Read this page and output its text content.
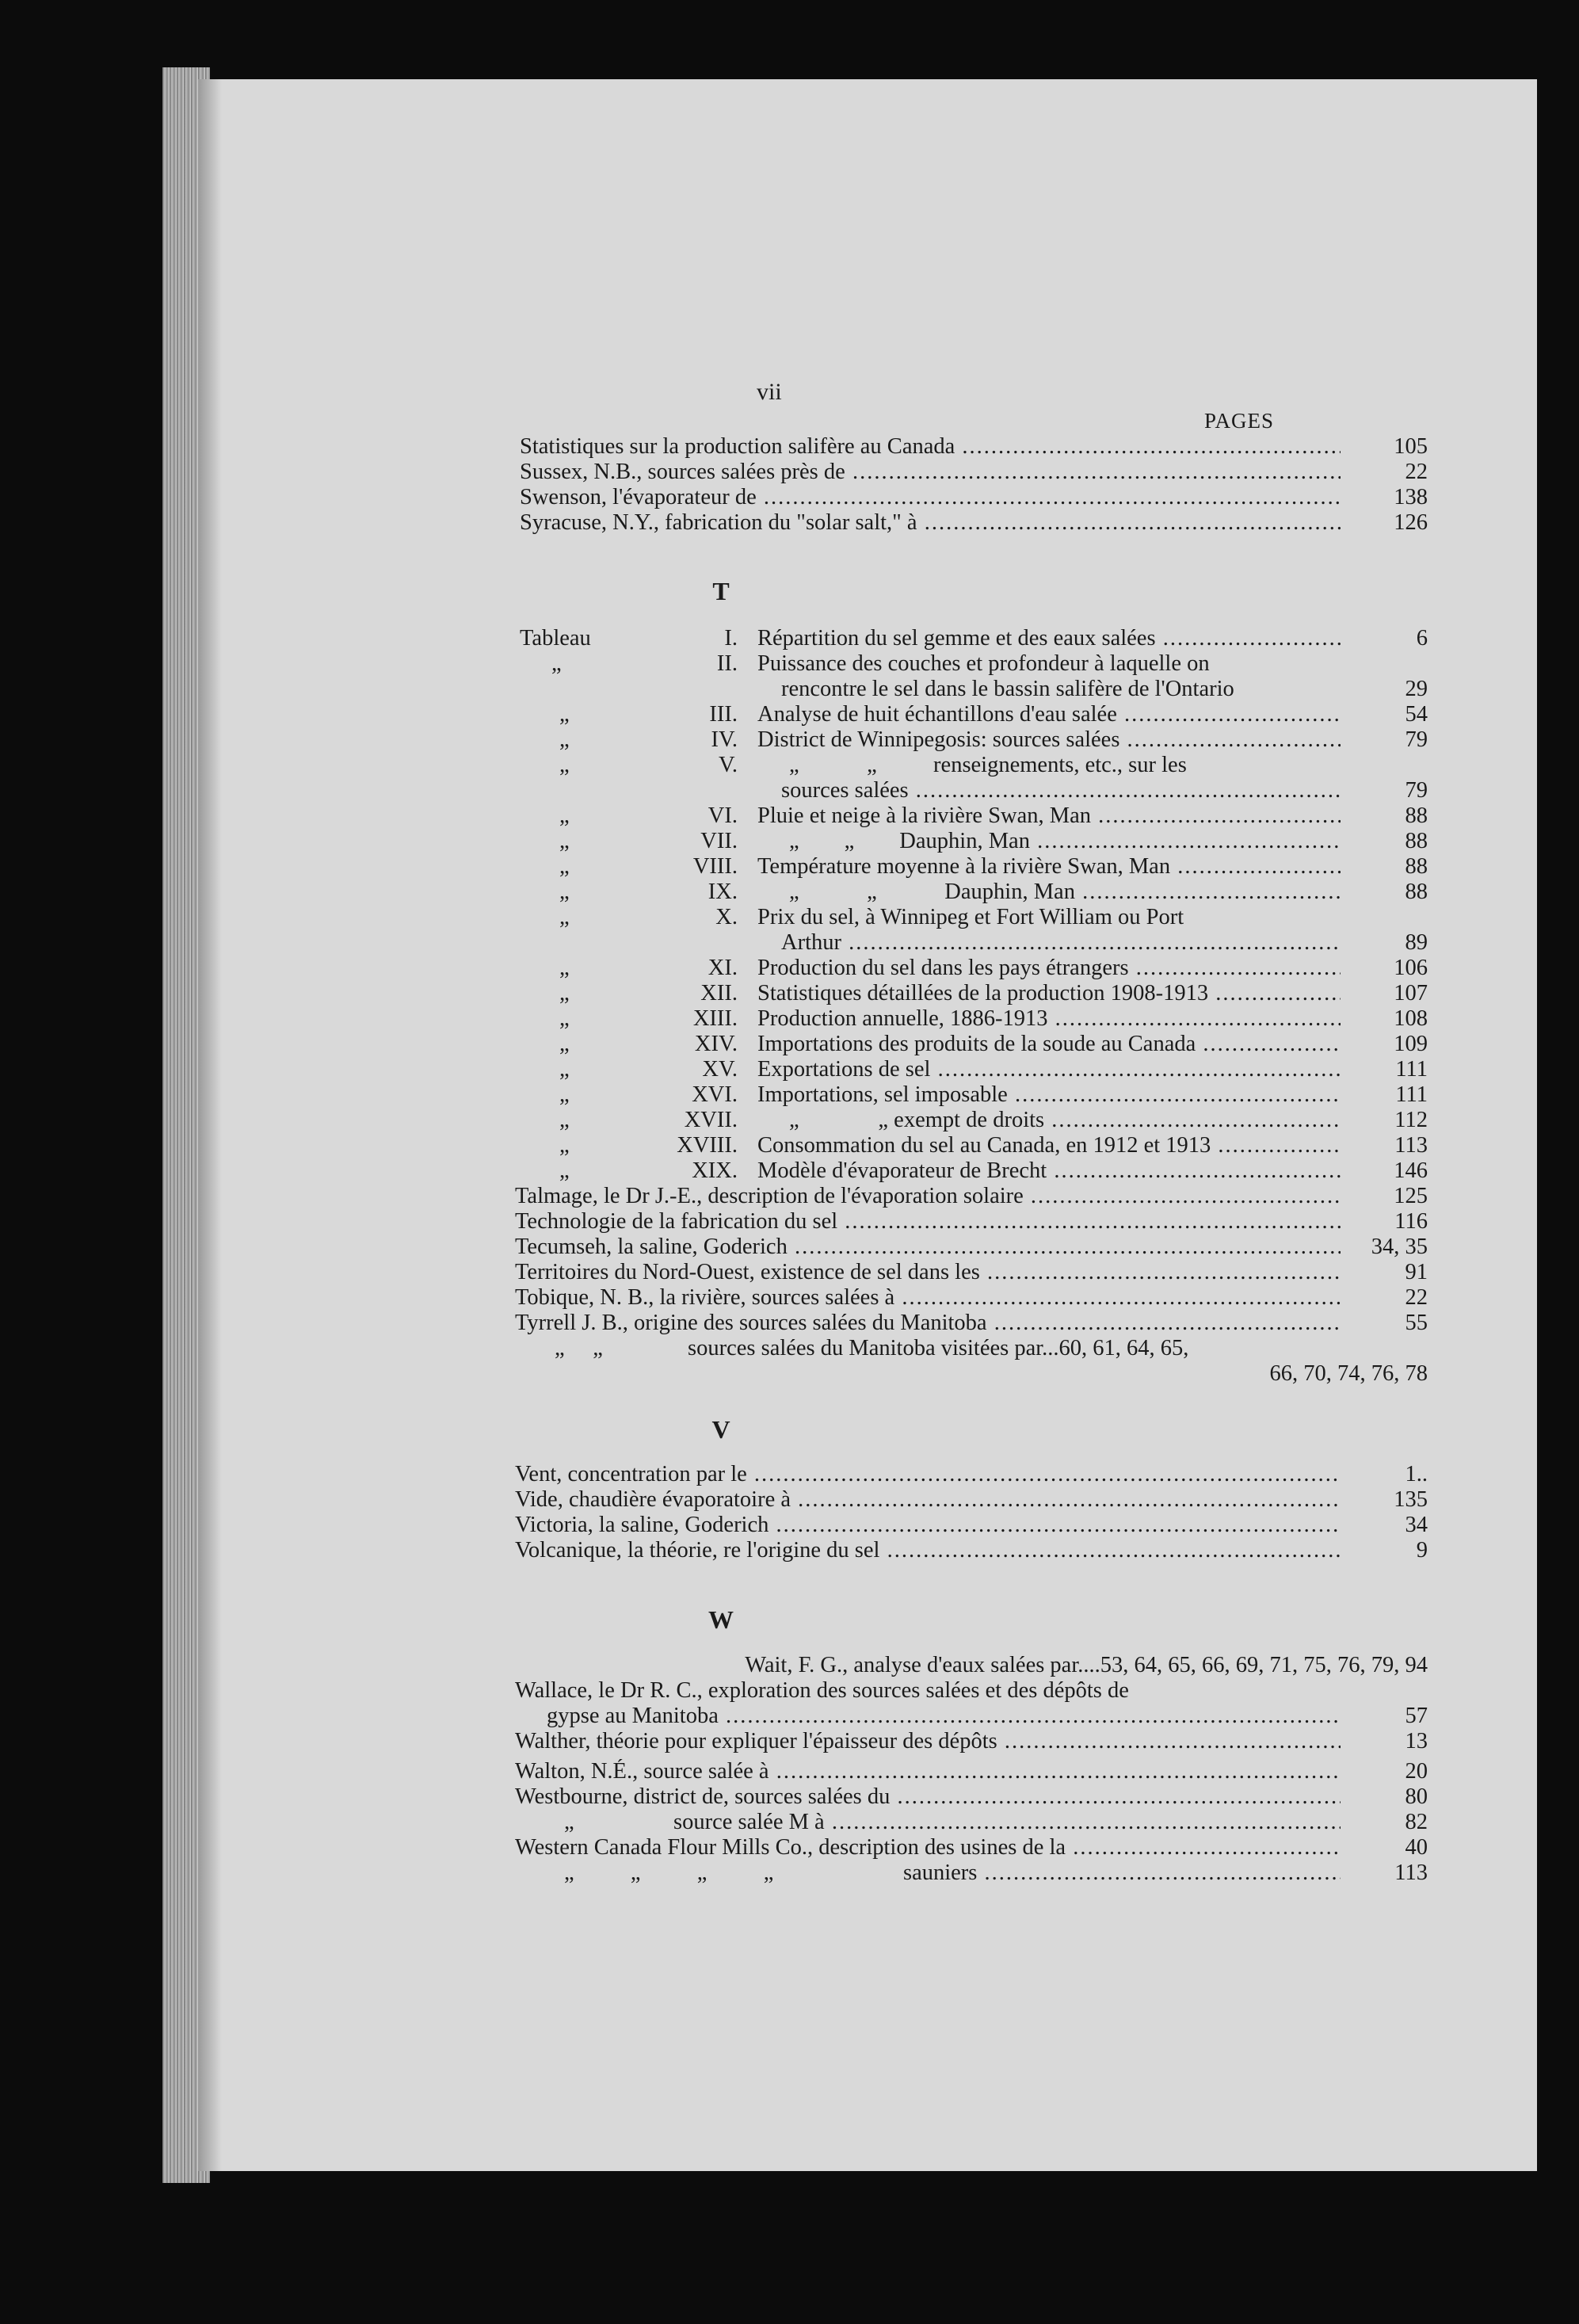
vii
PAGES
Statistiques sur la production salifère au Canada .....	105
Sussex, N.B., sources salées près de .....	22
Swenson, l'évaporateur de .....	138
Syracuse, N.Y., fabrication du "solar salt," à .....	126
T
Tableau	I. Répartition du sel gemme et des eaux salées .....	6
„	II. Puissance des couches et profondeur à laquelle on
rencontre le sel dans le bassin salifère de l'Ontario	29
„	III. Analyse de huit échantillons d'eau salée .....	54
„	IV. District de Winnipegosis: sources salées .....	79
„	V. „            „          renseignements, etc., sur les
sources salées .....	79
„	VI. Pluie et neige à la rivière Swan, Man .....	88
„	VII. „        „        Dauphin, Man .....	88
„	VIII. Température moyenne à la rivière Swan, Man .....	88
„	IX. „            „            Dauphin, Man .....	88
„	X. Prix du sel, à Winnipeg et Fort William ou Port
Arthur .....	89
„	XI. Production du sel dans les pays étrangers .....	106
„	XII. Statistiques détaillées de la production 1908-1913 .....	107
„	XIII. Production annuelle, 1886-1913 .....	108
„	XIV. Importations des produits de la soude au Canada .....	109
„	XV. Exportations de sel .....	111
„	XVI. Importations, sel imposable .....	111
„	XVII. „              „ exempt de droits .....	112
„	XVIII. Consommation du sel au Canada, en 1912 et 1913 .....	113
„	XIX. Modèle d'évaporateur de Brecht .....	146
Talmage, le Dr J.-E., description de l'évaporation solaire .....	125
Technologie de la fabrication du sel .....	116
Tecumseh, la saline, Goderich .....	34, 35
Territoires du Nord-Ouest, existence de sel dans les .....	91
Tobique, N. B., la rivière, sources salées à .....	22
Tyrrell J. B., origine des sources salées du Manitoba .....	55
„     „	sources salées du Manitoba visitées par...60, 61, 64, 65,
66, 70, 74, 76, 78
V
Vent, concentration par le .....	1..
Vide, chaudière évaporatoire à .....	135
Victoria, la saline, Goderich .....	34
Volcanique, la théorie, re l'origine du sel .....	9
W
Wait, F. G., analyse d'eaux salées par....53, 64, 65, 66, 69, 71, 75, 76, 79, 94
Wallace, le Dr R. C., exploration des sources salées et des dépôts de
gypse au Manitoba .....	57
Walther, théorie pour expliquer l'épaisseur des dépôts .....	13
Walton, N.É., source salée à .....	20
Westbourne, district de, sources salées du .....	80
„	source salée M à .....	82
Western Canada Flour Mills Co., description des usines de la .....	40
„          „          „          „	sauniers .....	113
